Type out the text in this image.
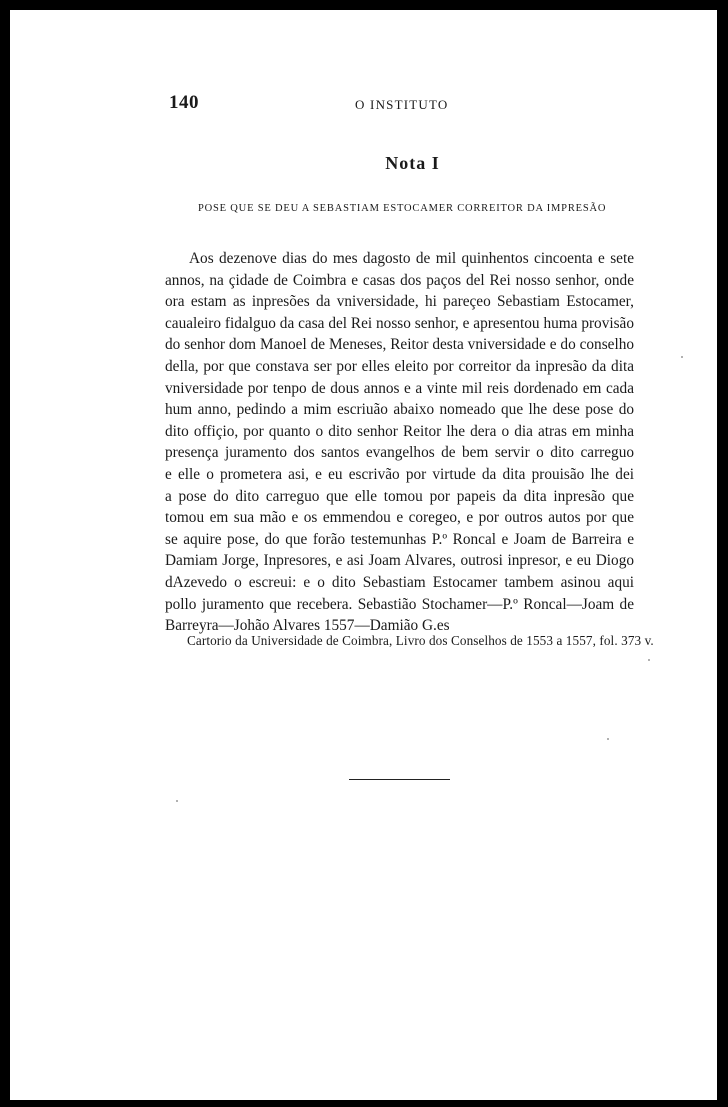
140	O INSTITUTO
Nota I
POSE QUE SE DEU A SEBASTIAM ESTOCAMER CORREITOR DA IMPRESÃO
Aos dezenove dias do mes dagosto de mil quinhentos cincoenta e sete
annos, na çidade de Coimbra e casas dos paços del Rei nosso senhor, onde
ora estam as inpresões da vniversidade, hi pareçeo Sebastiam Estocamer,
caualeiro fidalguo da casa del Rei nosso senhor, e apresentou huma provisão
do senhor dom Manoel de Meneses, Reitor desta vniversidade e do conselho
della, por que constava ser por elles eleito por correitor da inpresão da dita
vniversidade por tenpo de dous annos e a vinte mil reis dordenado em cada
hum anno, pedindo a mim escriuão abaixo nomeado que lhe dese pose do
dito offiçio, por quanto o dito senhor Reitor lhe dera o dia atras em minha
presença juramento dos santos evangelhos de bem servir o dito carreguo
e elle o prometera asi, e eu escrivão por virtude da dita prouisão lhe dei
a pose do dito carreguo que elle tomou por papeis da dita inpresão que
tomou em sua mão e os emmendou e coregeo, e por outros autos por que
se aquire pose, do que forão testemunhas P.º Roncal e Joam de Barreira e
Damiam Jorge, Inpresores, e asi Joam Alvares, outrosi inpresor, e eu Diogo
dAzevedo o escreui: e o dito Sebastiam Estocamer tambem asinou aqui
pollo juramento que recebera. Sebastião Stochamer—P.º Roncal—Joam de
Barreyra—Johão Alvares 1557—Damião G.es
Cartorio da Universidade de Coimbra, Livro dos Conselhos de 1553 a 1557, fol. 373 v.
